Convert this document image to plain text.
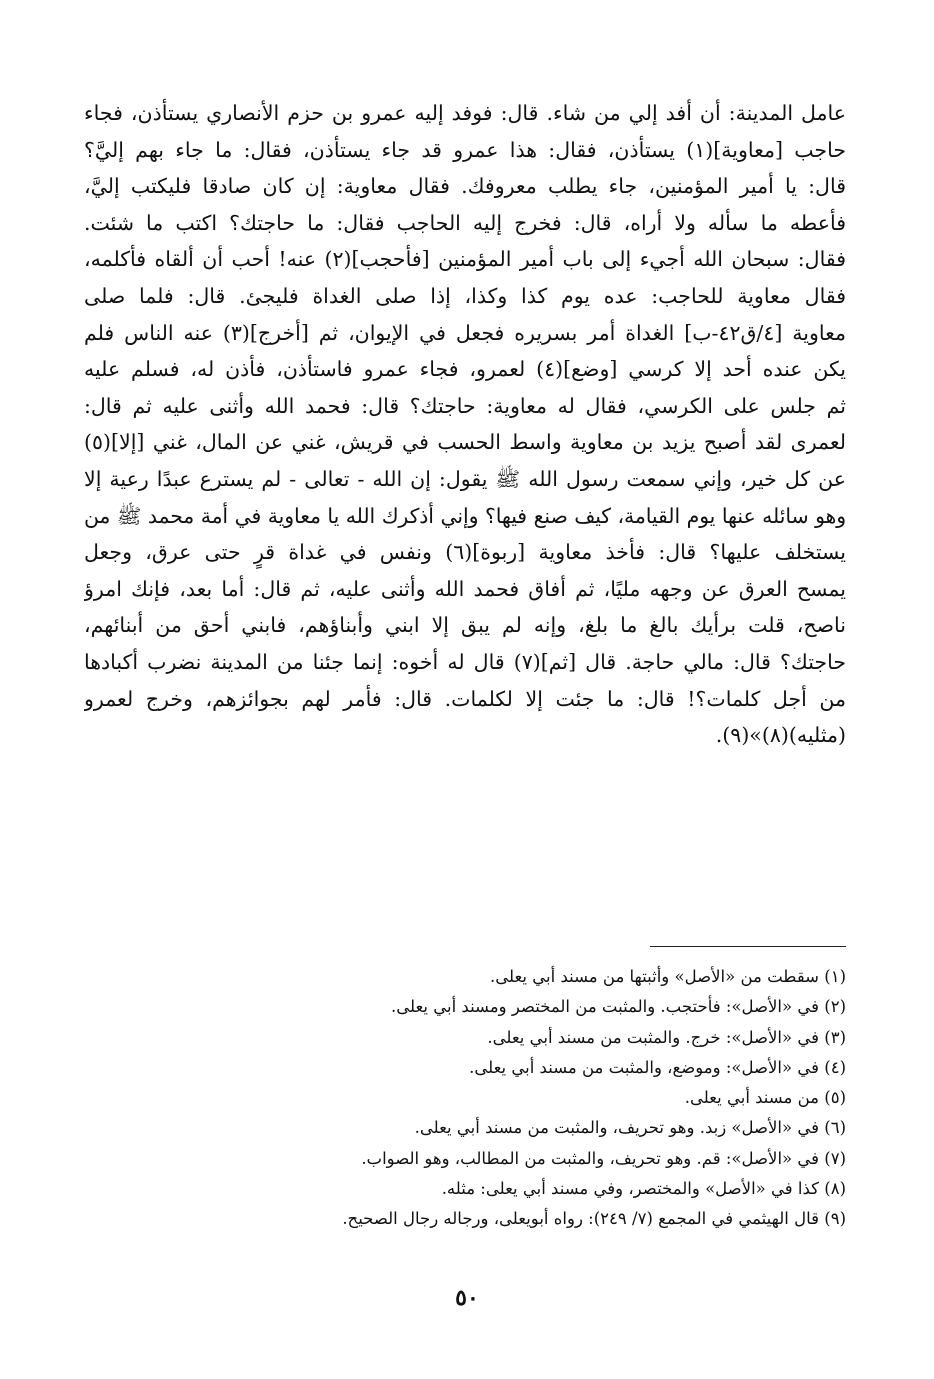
عامل المدينة: أن أفد إلي من شاء. قال: فوفد إليه عمرو بن حزم الأنصاري يستأذن، فجاء
حاجب [معاوية](١) يستأذن، فقال: هذا عمرو قد جاء يستأذن، فقال: ما جاء بهم إليَّ؟
قال: يا أمير المؤمنين، جاء يطلب معروفك. فقال معاوية: إن كان صادقا فليكتب إليَّ،
فأعطه ما سأله ولا أراه، قال: فخرج إليه الحاجب فقال: ما حاجتك؟ اكتب ما شئت.
فقال: سبحان الله أجيء إلى باب أمير المؤمنين [فأحجب](٢) عنه! أحب أن ألقاه فأكلمه،
فقال معاوية للحاجب: عده يوم كذا وكذا، إذا صلى الغداة فليجئ. قال: فلما صلى
معاوية [٤/ق٤٢-ب] الغداة أمر بسريره فجعل في الإيوان، ثم [أخرج](٣) عنه الناس فلم
يكن عنده أحد إلا كرسي [وضع](٤) لعمرو، فجاء عمرو فاستأذن، فأذن له، فسلم عليه
ثم جلس على الكرسي، فقال له معاوية: حاجتك؟ قال: فحمد الله وأثنى عليه ثم قال:
لعمرى لقد أصبح يزيد بن معاوية واسط الحسب في قريش، غني عن المال، غني [إلا](٥)
عن كل خير، وإني سمعت رسول الله ﷺ يقول: إن الله - تعالى - لم يسترع عبدًا رعية إلا
وهو سائله عنها يوم القيامة، كيف صنع فيها؟ وإني أذكرك الله يا معاوية في أمة محمد ﷺ من
يستخلف عليها؟ قال: فأخذ معاوية [ربوة](٦) ونفس في غداة قرٍ حتى عرق، وجعل
يمسح العرق عن وجهه مليًا، ثم أفاق فحمد الله وأثنى عليه، ثم قال: أما بعد، فإنك امرؤ
ناصح، قلت برأيك بالغ ما بلغ، وإنه لم يبق إلا ابني وأبناؤهم، فابني أحق من أبنائهم،
حاجتك؟ قال: مالي حاجة. قال [ثم](٧) قال له أخوه: إنما جئنا من المدينة نضرب أكبادها
من أجل كلمات؟! قال: ما جئت إلا لكلمات. قال: فأمر لهم بجوائزهم، وخرج لعمرو
(مثليه)(٨)»(٩).
(١) سقطت من «الأصل» وأثبتها من مسند أبي يعلى.
(٢) في «الأصل»: فأحتجب. والمثبت من المختصر ومسند أبي يعلى.
(٣) في «الأصل»: خرج. والمثبت من مسند أبي يعلى.
(٤) في «الأصل»: وموضع، والمثبت من مسند أبي يعلى.
(٥) من مسند أبي يعلى.
(٦) في «الأصل» زبد. وهو تحريف، والمثبت من مسند أبي يعلى.
(٧) في «الأصل»: قم. وهو تحريف، والمثبت من المطالب، وهو الصواب.
(٨) كذا في «الأصل» والمختصر، وفي مسند أبي يعلى: مثله.
(٩) قال الهيثمي في المجمع (٧/ ٢٤٩): رواه أبويعلى، ورجاله رجال الصحيح.
٥٠
